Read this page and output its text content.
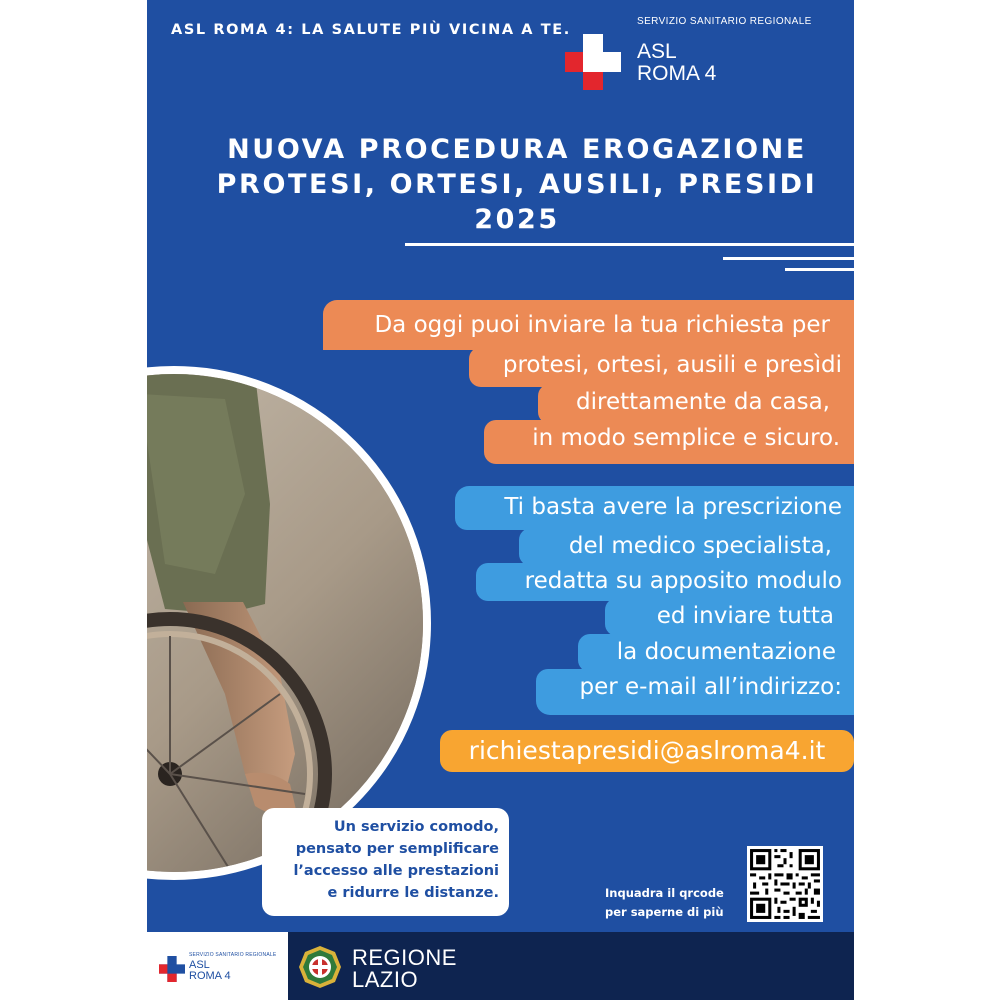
ASL ROMA 4: LA SALUTE PIÙ VICINA A TE.
SERVIZIO SANITARIO REGIONALE
ASL
ROMA 4
NUOVA PROCEDURA EROGAZIONE
PROTESI, ORTESI, AUSILI, PRESIDI
2025
Da oggi puoi inviare la tua richiesta per
protesi, ortesi, ausili e presìdi
direttamente da casa,
in modo semplice e sicuro.
Ti basta avere la prescrizione
del medico specialista,
redatta su apposito modulo
ed inviare tutta
la documentazione
per e-mail all’indirizzo:
richiestapresidi@aslroma4.it
Un servizio comodo,
pensato per semplificare
l’accesso alle prestazioni
e ridurre le distanze.	Inquadra il qrcode
per saperne di più
SERVIZIO SANITARIO REGIONALE
ASL
ROMA 4
REGIONE
LAZIO
